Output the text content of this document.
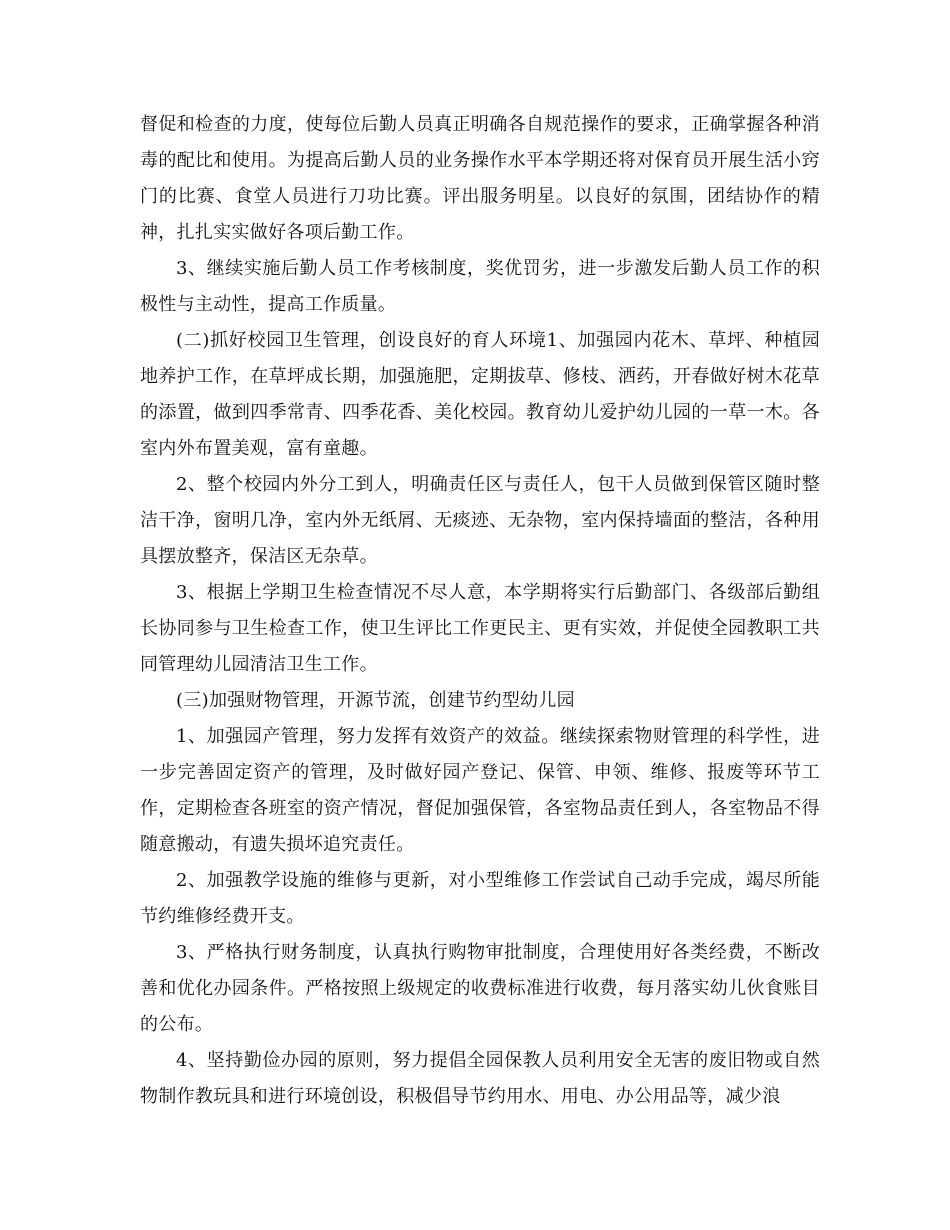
督促和检查的力度，使每位后勤人员真正明确各自规范操作的要求，正确掌握各种消毒的配比和使用。为提高后勤人员的业务操作水平本学期还将对保育员开展生活小窍门的比赛、食堂人员进行刀功比赛。评出服务明星。以良好的氛围，团结协作的精神，扎扎实实做好各项后勤工作。

3、继续实施后勤人员工作考核制度，奖优罚劣，进一步激发后勤人员工作的积极性与主动性，提高工作质量。

(二)抓好校园卫生管理，创设良好的育人环境1、加强园内花木、草坪、种植园地养护工作，在草坪成长期，加强施肥，定期拔草、修枝、洒药，开春做好树木花草的添置，做到四季常青、四季花香、美化校园。教育幼儿爱护幼儿园的一草一木。各室内外布置美观，富有童趣。

2、整个校园内外分工到人，明确责任区与责任人，包干人员做到保管区随时整洁干净，窗明几净，室内外无纸屑、无痰迹、无杂物，室内保持墙面的整洁，各种用具摆放整齐，保洁区无杂草。

3、根据上学期卫生检查情况不尽人意，本学期将实行后勤部门、各级部后勤组长协同参与卫生检查工作，使卫生评比工作更民主、更有实效，并促使全园教职工共同管理幼儿园清洁卫生工作。

(三)加强财物管理，开源节流，创建节约型幼儿园

1、加强园产管理，努力发挥有效资产的效益。继续探索物财管理的科学性，进一步完善固定资产的管理，及时做好园产登记、保管、申领、维修、报废等环节工作，定期检查各班室的资产情况，督促加强保管，各室物品责任到人，各室物品不得随意搬动，有遗失损坏追究责任。

2、加强教学设施的维修与更新，对小型维修工作尝试自己动手完成，竭尽所能节约维修经费开支。

3、严格执行财务制度，认真执行购物审批制度，合理使用好各类经费，不断改善和优化办园条件。严格按照上级规定的收费标准进行收费，每月落实幼儿伙食账目的公布。

4、坚持勤俭办园的原则，努力提倡全园保教人员利用安全无害的废旧物或自然物制作教玩具和进行环境创设，积极倡导节约用水、用电、办公用品等，减少浪
